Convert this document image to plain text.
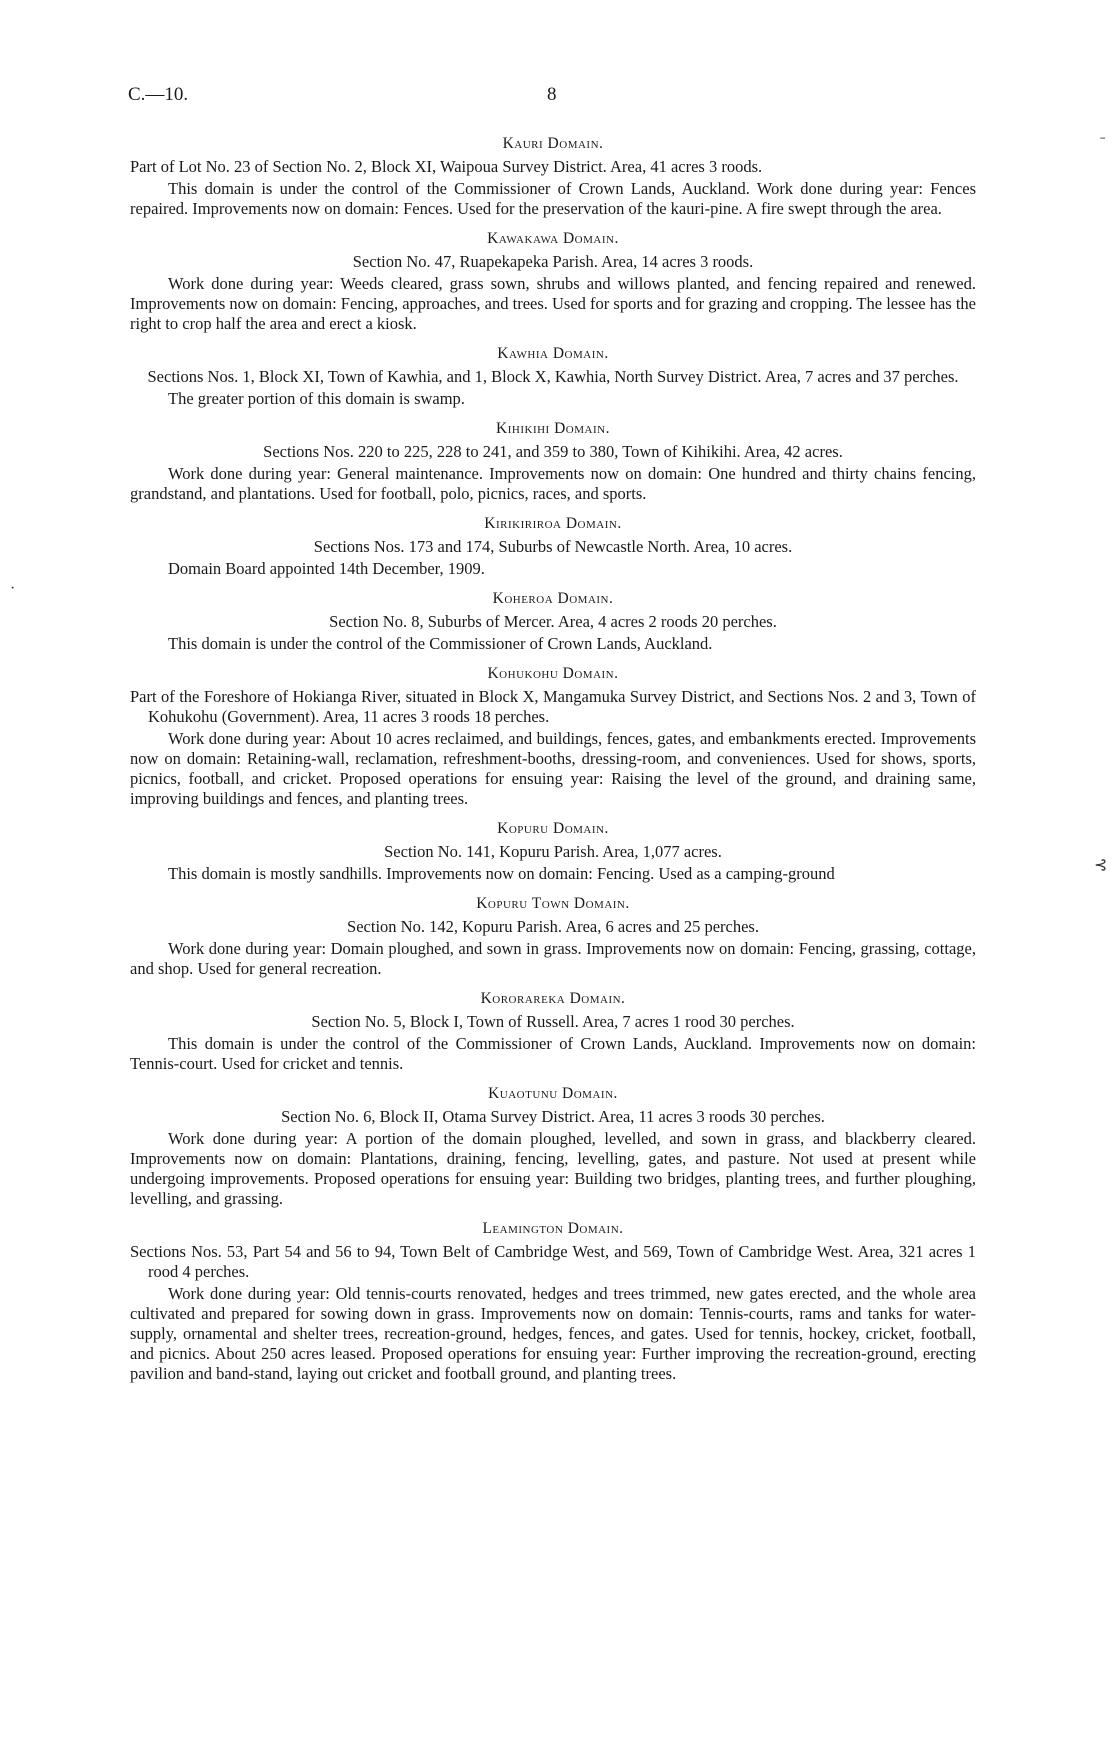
C.—10.	8
˗
⊰
·
Kauri Domain.
Part of Lot No. 23 of Section No. 2, Block XI, Waipoua Survey District. Area, 41 acres 3 roods.
This domain is under the control of the Commissioner of Crown Lands, Auckland. Work done during year: Fences repaired. Improvements now on domain: Fences. Used for the preservation of the kauri-pine. A fire swept through the area.
Kawakawa Domain.
Section No. 47, Ruapekapeka Parish. Area, 14 acres 3 roods.
Work done during year: Weeds cleared, grass sown, shrubs and willows planted, and fencing repaired and renewed. Improvements now on domain: Fencing, approaches, and trees. Used for sports and for grazing and cropping. The lessee has the right to crop half the area and erect a kiosk.
Kawhia Domain.
Sections Nos. 1, Block XI, Town of Kawhia, and 1, Block X, Kawhia, North Survey District. Area, 7 acres and 37 perches.
The greater portion of this domain is swamp.
Kihikihi Domain.
Sections Nos. 220 to 225, 228 to 241, and 359 to 380, Town of Kihikihi. Area, 42 acres.
Work done during year: General maintenance. Improvements now on domain: One hundred and thirty chains fencing, grandstand, and plantations. Used for football, polo, picnics, races, and sports.
Kirikiriroa Domain.
Sections Nos. 173 and 174, Suburbs of Newcastle North. Area, 10 acres.
Domain Board appointed 14th December, 1909.
Koheroa Domain.
Section No. 8, Suburbs of Mercer. Area, 4 acres 2 roods 20 perches.
This domain is under the control of the Commissioner of Crown Lands, Auckland.
Kohukohu Domain.
Part of the Foreshore of Hokianga River, situated in Block X, Mangamuka Survey District, and Sections Nos. 2 and 3, Town of Kohukohu (Government). Area, 11 acres 3 roods 18 perches.
Work done during year: About 10 acres reclaimed, and buildings, fences, gates, and embankments erected. Improvements now on domain: Retaining-wall, reclamation, refreshment-booths, dressing-room, and conveniences. Used for shows, sports, picnics, football, and cricket. Proposed operations for ensuing year: Raising the level of the ground, and draining same, improving buildings and fences, and planting trees.
Kopuru Domain.
Section No. 141, Kopuru Parish. Area, 1,077 acres.
This domain is mostly sandhills. Improvements now on domain: Fencing. Used as a camping-ground
Kopuru Town Domain.
Section No. 142, Kopuru Parish. Area, 6 acres and 25 perches.
Work done during year: Domain ploughed, and sown in grass. Improvements now on domain: Fencing, grassing, cottage, and shop. Used for general recreation.
Kororareka Domain.
Section No. 5, Block I, Town of Russell. Area, 7 acres 1 rood 30 perches.
This domain is under the control of the Commissioner of Crown Lands, Auckland. Improvements now on domain: Tennis-court. Used for cricket and tennis.
Kuaotunu Domain.
Section No. 6, Block II, Otama Survey District. Area, 11 acres 3 roods 30 perches.
Work done during year: A portion of the domain ploughed, levelled, and sown in grass, and blackberry cleared. Improvements now on domain: Plantations, draining, fencing, levelling, gates, and pasture. Not used at present while undergoing improvements. Proposed operations for ensuing year: Building two bridges, planting trees, and further ploughing, levelling, and grassing.
Leamington Domain.
Sections Nos. 53, Part 54 and 56 to 94, Town Belt of Cambridge West, and 569, Town of Cambridge West. Area, 321 acres 1 rood 4 perches.
Work done during year: Old tennis-courts renovated, hedges and trees trimmed, new gates erected, and the whole area cultivated and prepared for sowing down in grass. Improvements now on domain: Tennis-courts, rams and tanks for water-supply, ornamental and shelter trees, recreation-ground, hedges, fences, and gates. Used for tennis, hockey, cricket, football, and picnics. About 250 acres leased. Proposed operations for ensuing year: Further improving the recreation-ground, erecting pavilion and band-stand, laying out cricket and football ground, and planting trees.
